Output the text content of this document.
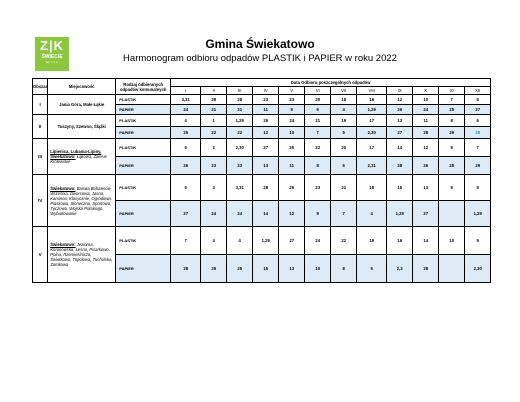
Z|K
ŚWIECIE
Sp. z o.o.
Gmina Świekatowo
Harmonogram odbioru odpadów PLASTIK i PAPIER w roku 2022
Obszar	Miejscowość	Rodzaj odbieranych odpadów komunalnych	Data Odbioru poszczególnych odpadów											
			I	II	III	IV	V	VI	VII	VIII	IX	X	XI	XII
I	Jania Góra, Małe Łąkie	PLASTIK	3,31	28	28	23	23	20	18	16	12	10	7	5
		PAPIER	24	21	21	11	9	6	4	1,29	26	24	25	27
II	Tuszyny, Szewno, Ślążki	PLASTIK	4	1	1,29	26	24	21	19	17	13	11	8	6
		PAPIER	25	22	22	12	10	7	5	2,30	27	28	29	28
III	Lipienica, Lubania-Lipiny, Świekatowo: Łąkowa, Zalesie Królewskie	PLASTIK	5	2	2,30	27	25	22	20	17	14	12	9	7
		PAPIER	26	23	23	13	11	8	6	2,31	28	26	28	29
IV	Świekatowo: Barwia,Bohaterów Września, Dworcowa, Jasna, Kaminna, Klasycznie, Ogrodowa, Piaskowa, Słoneczna, Sportowa, Tęczowa, Wojska Polskiego, Wybudowanie	PLASTIK	5	3	3,31	28	26	23	21	18	15	13	9	9
		PAPIER	27	24	24	14	12	9	7	4	1,29	27		1,29
V	Świekatowo: Jeziorna, Koronowska, Leśna, Pisarkowo, Polna, Rzemieślnicza, Świetkowo, Topolowa, Tucholska, Zamkowa	PLASTIK	7	4	4	1,29	27	24	22	19	16	14	10	9
		PAPIER	28	25	25	15	13	10	8	5	2,3	28		2,30
